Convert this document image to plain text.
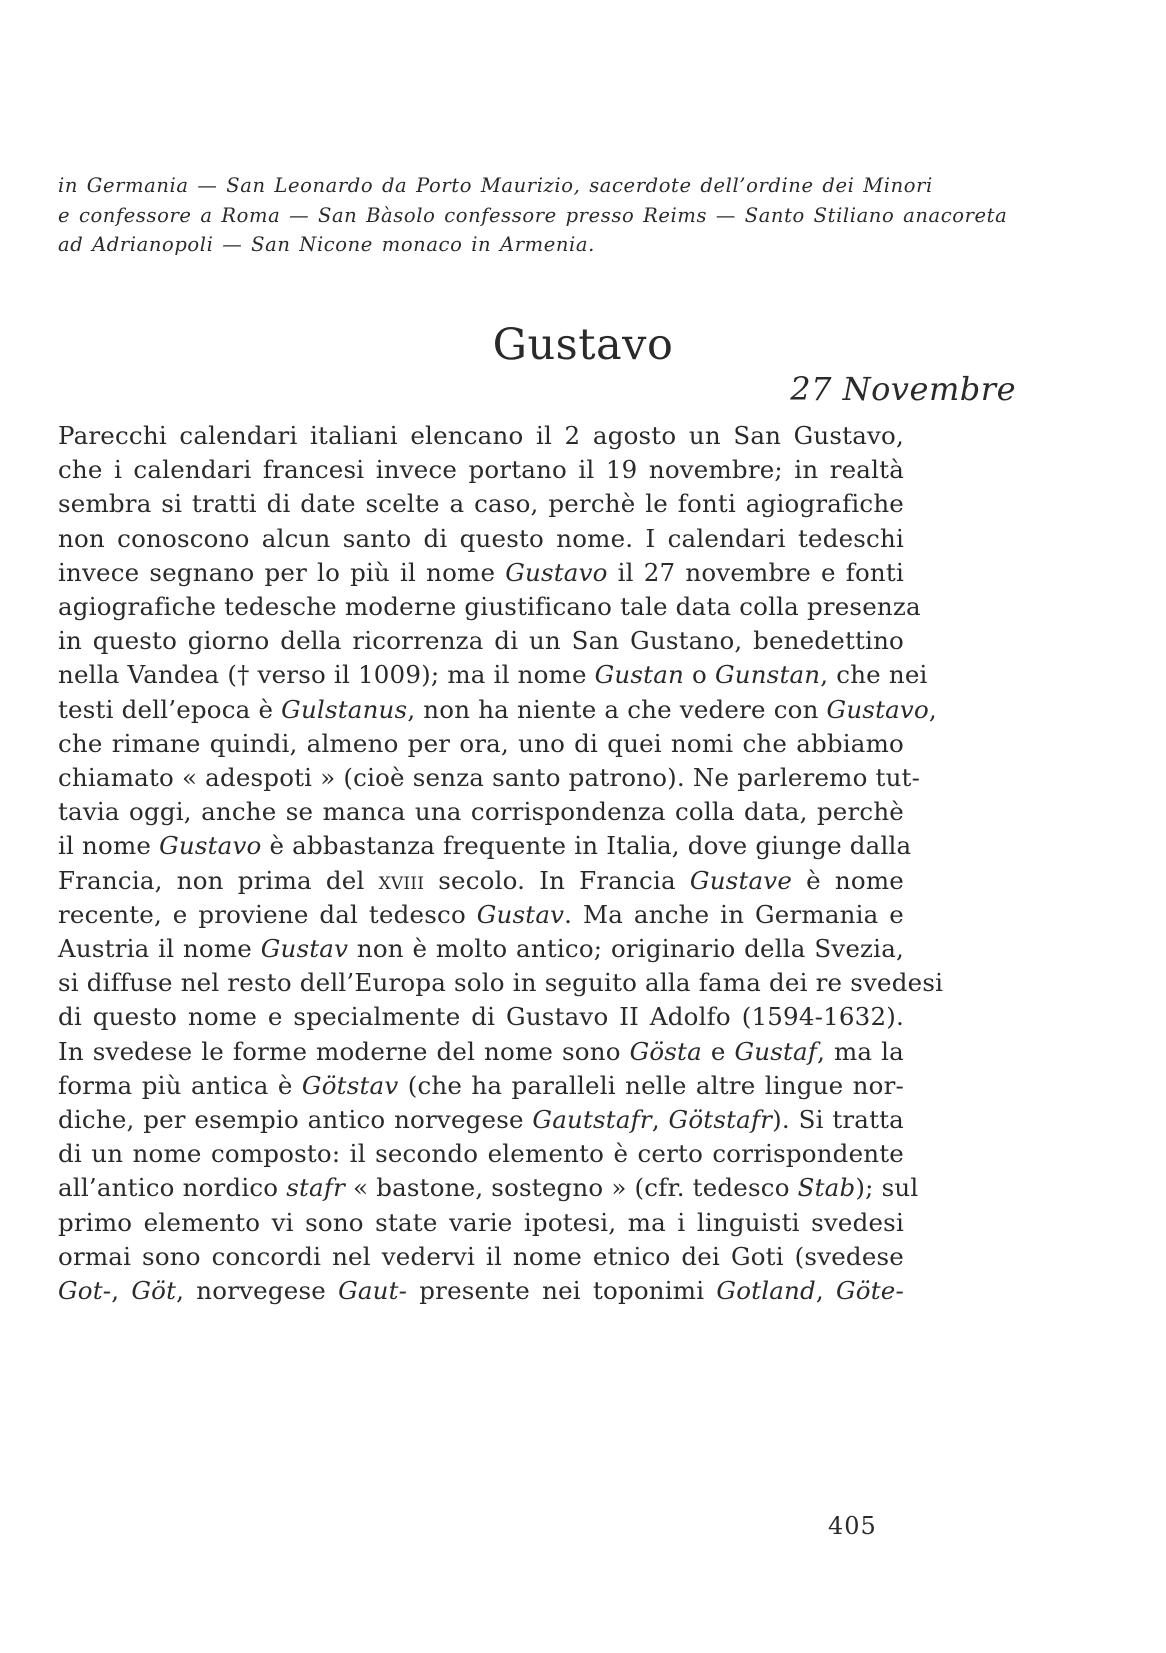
in Germania — San Leonardo da Porto Maurizio, sacerdote dell’ordine dei Minori
e confessore a Roma — San Bàsolo confessore presso Reims — Santo Stiliano anacoreta
ad Adrianopoli — San Nicone monaco in Armenia.
Gustavo
27 Novembre
Parecchi calendari italiani elencano il 2 agosto un San Gustavo,
che i calendari francesi invece portano il 19 novembre; in realtà
sembra si tratti di date scelte a caso, perchè le fonti agiografiche
non conoscono alcun santo di questo nome. I calendari tedeschi
invece segnano per lo più il nome Gustavo il 27 novembre e fonti
agiografiche tedesche moderne giustificano tale data colla presenza
in questo giorno della ricorrenza di un San Gustano, benedettino
nella Vandea († verso il 1009); ma il nome Gustan o Gunstan, che nei
testi dell’epoca è Gulstanus, non ha niente a che vedere con Gustavo,
che rimane quindi, almeno per ora, uno di quei nomi che abbiamo
chiamato « adespoti » (cioè senza santo patrono). Ne parleremo tut-
tavia oggi, anche se manca una corrispondenza colla data, perchè
il nome Gustavo è abbastanza frequente in Italia, dove giunge dalla
Francia, non prima del xviii secolo. In Francia Gustave è nome
recente, e proviene dal tedesco Gustav. Ma anche in Germania e
Austria il nome Gustav non è molto antico; originario della Svezia,
si diffuse nel resto dell’Europa solo in seguito alla fama dei re svedesi
di questo nome e specialmente di Gustavo II Adolfo (1594-1632).
In svedese le forme moderne del nome sono Gösta e Gustaf, ma la
forma più antica è Götstav (che ha paralleli nelle altre lingue nor-
diche, per esempio antico norvegese Gautstafr, Götstafr). Si tratta
di un nome composto: il secondo elemento è certo corrispondente
all’antico nordico stafr « bastone, sostegno » (cfr. tedesco Stab); sul
primo elemento vi sono state varie ipotesi, ma i linguisti svedesi
ormai sono concordi nel vedervi il nome etnico dei Goti (svedese
Got-, Göt, norvegese Gaut- presente nei toponimi Gotland, Göte-
405
